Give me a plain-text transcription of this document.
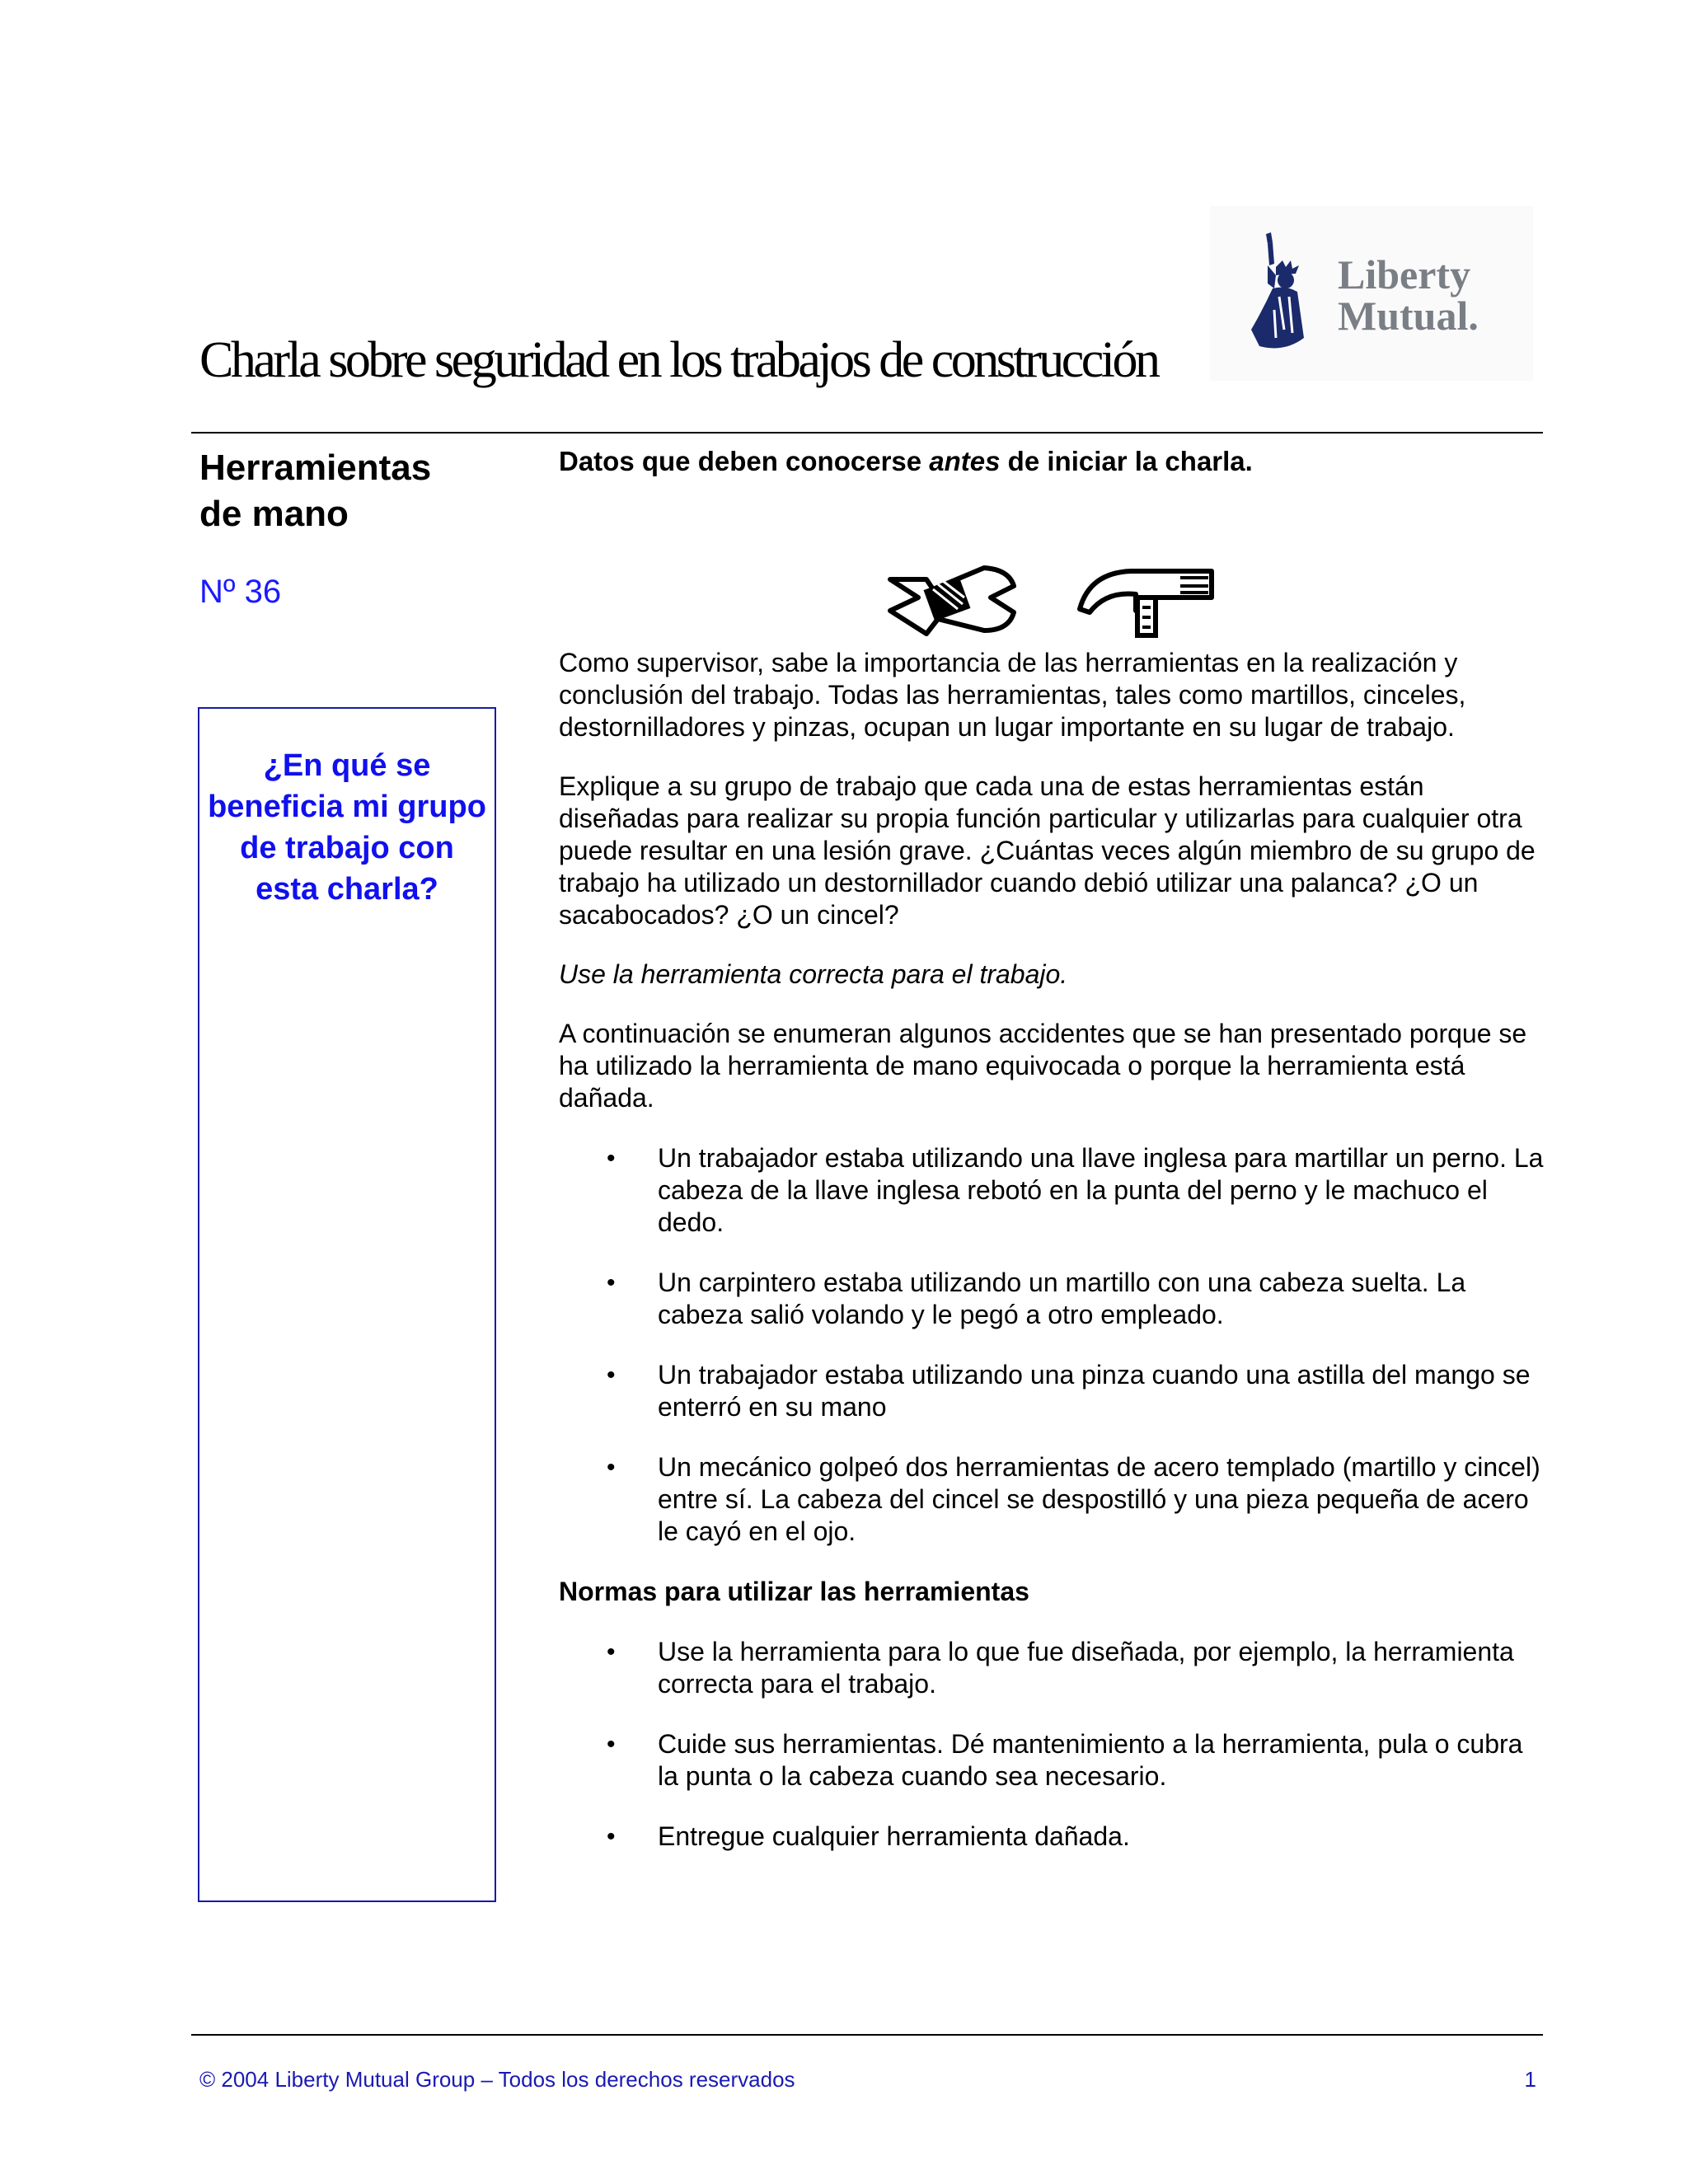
Liberty
Mutual.
Charla sobre seguridad en los trabajos de construcción
Herramientas
de mano
Nº 36
¿En qué se beneficia mi grupo de trabajo con esta charla?

Datos que deben conocerse antes de iniciar la charla.

Como supervisor, sabe la importancia de las herramientas en la realización y conclusión del trabajo. Todas las herramientas, tales como martillos, cinceles, destornilladores y pinzas, ocupan un lugar importante en su lugar de trabajo.

Explique a su grupo de trabajo que cada una de estas herramientas están diseñadas para realizar su propia función particular y utilizarlas para cualquier otra puede resultar en una lesión grave. ¿Cuántas veces algún miembro de su grupo de trabajo ha utilizado un destornillador cuando debió utilizar una palanca? ¿O un sacabocados? ¿O un cincel?

Use la herramienta correcta para el trabajo.

A continuación se enumeran algunos accidentes que se han presentado porque se ha utilizado la herramienta de mano equivocada o porque la herramienta está dañada.

• Un trabajador estaba utilizando una llave inglesa para martillar un perno. La cabeza de la llave inglesa rebotó en la punta del perno y le machuco el dedo.
• Un carpintero estaba utilizando un martillo con una cabeza suelta. La cabeza salió volando y le pegó a otro empleado.
• Un trabajador estaba utilizando una pinza cuando una astilla del mango se enterró en su mano
• Un mecánico golpeó dos herramientas de acero templado (martillo y cincel) entre sí. La cabeza del cincel se despostilló y una pieza pequeña de acero le cayó en el ojo.

Normas para utilizar las herramientas

• Use la herramienta para lo que fue diseñada, por ejemplo, la herramienta correcta para el trabajo.
• Cuide sus herramientas. Dé mantenimiento a la herramienta, pula o cubra la punta o la cabeza cuando sea necesario.
• Entregue cualquier herramienta dañada.
© 2004 Liberty Mutual Group – Todos los derechos reservados	1
